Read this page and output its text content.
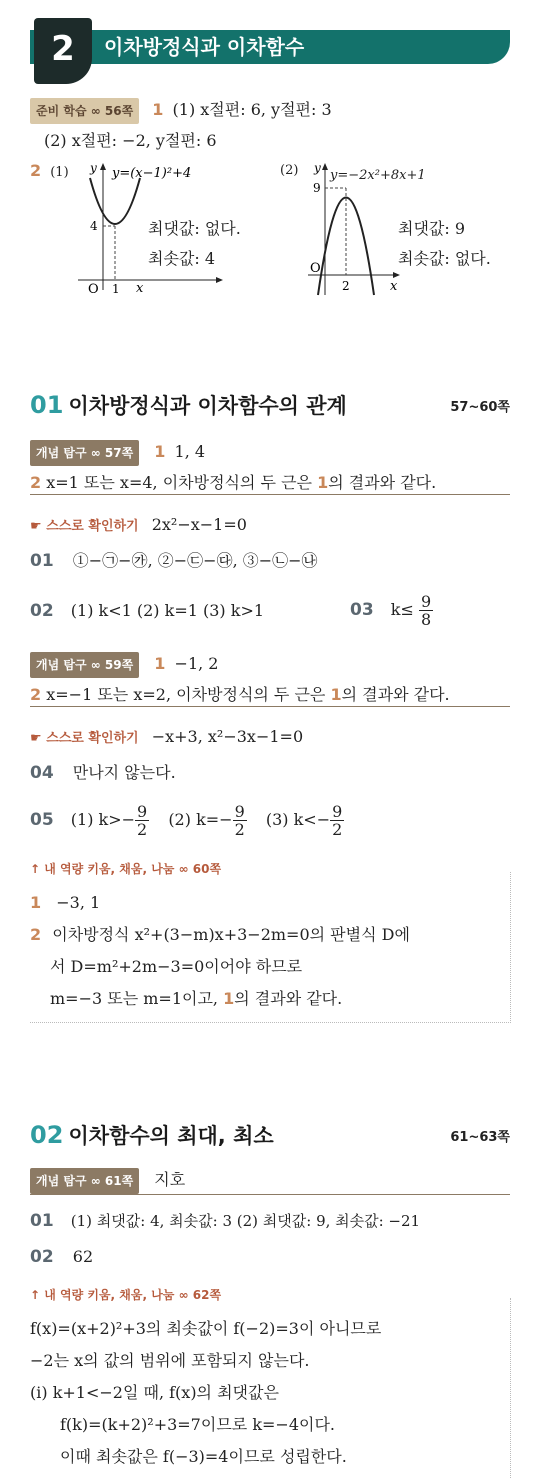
2	이차방정식과 이차함수
준비 학습 ∞ 56쪽 1 (1) x절편: 6, y절편: 3
(2) x절편: −2, y절편: 6
2 (1)	(2)
4
1
O	x
y y=(x−1)²+4
최댓값: 없다.
최솟값: 4
9
2
O
x
y y=−2x²+8x+1
최댓값: 9
최솟값: 없다.
01 이차방정식과 이차함수의 관계	57~60쪽
개념 탐구 ∞ 57쪽 1 1, 4
2 x=1 또는 x=4, 이차방정식의 두 근은 1의 결과와 같다.
☛ 스스로 확인하기 2x²−x−1=0
01 ①−㉠−㉮, ②−㉢−㉰, ③−㉡−㉯
02 (1) k<1 (2) k=1 (3) k>1	03 $k\le \frac{9}{8}$
개념 탐구 ∞ 59쪽 1 −1, 2
2 x=−1 또는 x=2, 이차방정식의 두 근은 1의 결과와 같다.
☛ 스스로 확인하기 −x+3, x²−3x−1=0
04 만나지 않는다.
05 (1) $k>- \frac{9}{2} (2)$ $k=- \frac{9}{2} (3)$ $k<- \frac{9}{2}$
↑ 내 역량 키움, 채움, 나눔 ∞ 60쪽
1 −3, 1
2 이차방정식 x²+(3−m)x+3−2m=0의 판별식 D에
서 D=m²+2m−3=0이어야 하므로
m=−3 또는 m=1이고, 1의 결과와 같다.
02 이차함수의 최대, 최소	61~63쪽
개념 탐구 ∞ 61쪽 지호
01 (1) 최댓값: 4, 최솟값: 3 (2) 최댓값: 9, 최솟값: −21
02 62
↑ 내 역량 키움, 채움, 나눔 ∞ 62쪽
f(x)=(x+2)²+3의 최솟값이 f(−2)=3이 아니므로
−2는 x의 값의 범위에 포함되지 않는다.
(i) k+1<−2일 때, f(x)의 최댓값은
f(k)=(k+2)²+3=7이므로 k=−4이다.
이때 최솟값은 f(−3)=4이므로 성립한다.
